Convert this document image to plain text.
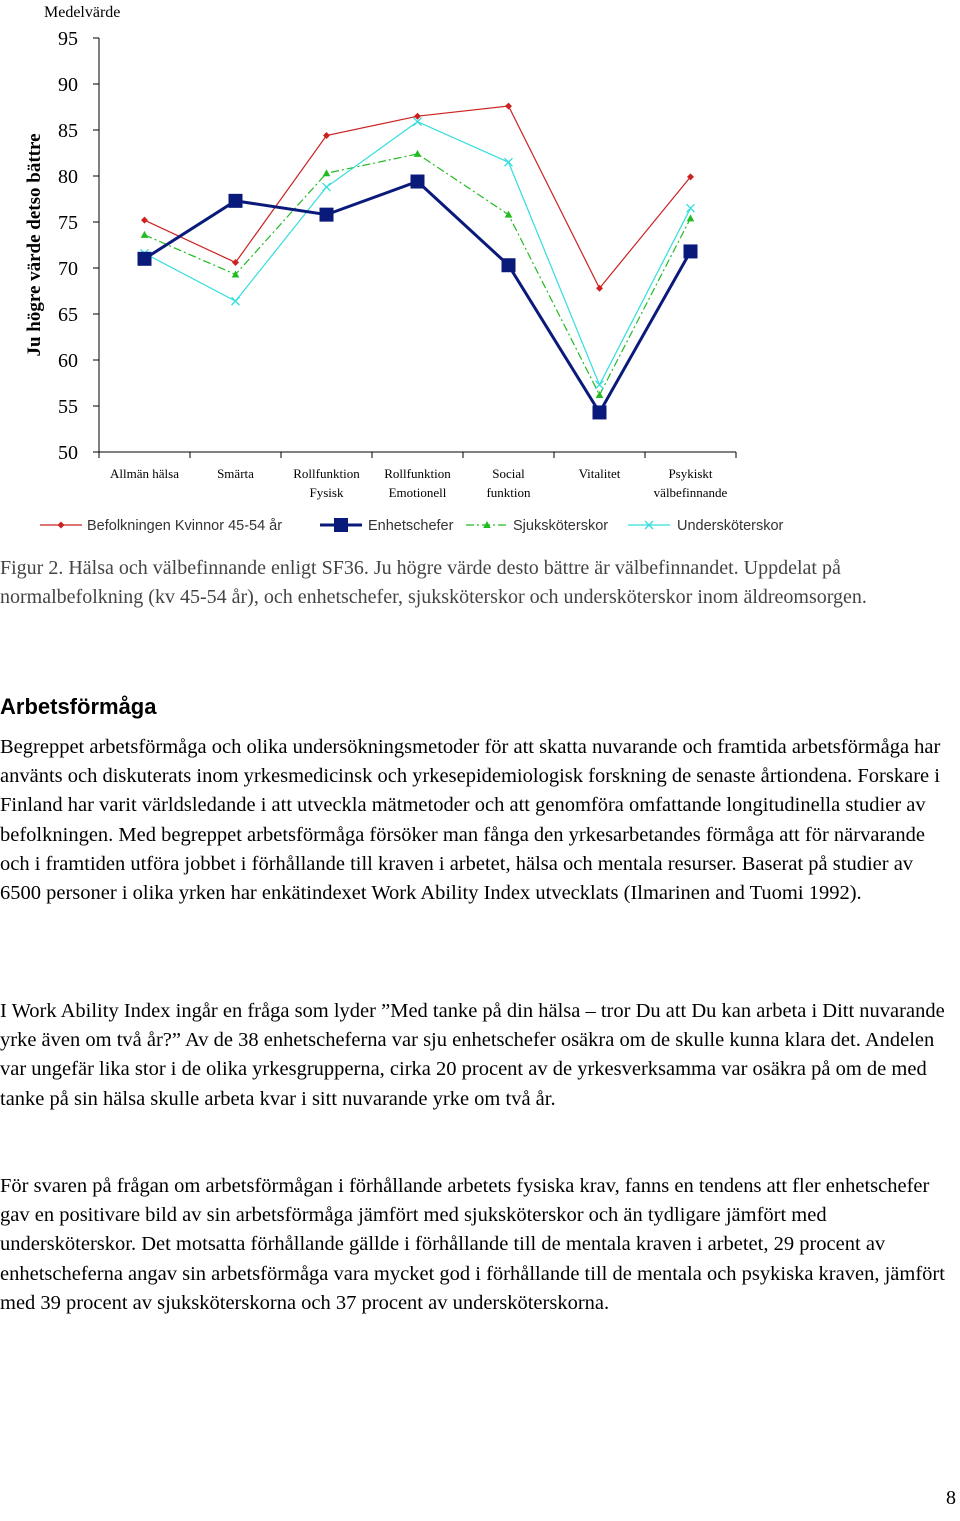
Medelvärde
Ju högre värde detso bättre
95
90
85
80
75
70
65
60
55
50
Allmän hälsa	Smärta	Rollfunktion
Fysisk
Rollfunktion
Emotionell
Social
funktion
Vitalitet	Psykiskt
välbefinnande
Befolkningen Kvinnor 45-54 år	Enhetschefer	Sjuksköterskor	Undersköterskor

Figur 2. Hälsa och välbefinnande enligt SF36. Ju högre värde desto bättre är välbefinnandet. Uppdelat på normalbefolkning (kv 45-54 år), och enhetschefer, sjuksköterskor och undersköterskor inom äldreomsorgen.

Arbetsförmåga

Begreppet arbetsförmåga och olika undersökningsmetoder för att skatta nuvarande och framtida arbetsförmåga har använts och diskuterats inom yrkesmedicinsk och yrkesepidemiologisk forskning de senaste årtiondena. Forskare i Finland har varit världsledande i att utveckla mätmetoder och att genomföra omfattande longitudinella studier av befolkningen. Med begreppet arbetsförmåga försöker man fånga den yrkesarbetandes förmåga att för närvarande och i framtiden utföra jobbet i förhållande till kraven i arbetet, hälsa och mentala resurser. Baserat på studier av 6500 personer i olika yrken har enkätindexet Work Ability Index utvecklats (Ilmarinen and Tuomi 1992).

I Work Ability Index ingår en fråga som lyder ”Med tanke på din hälsa – tror Du att Du kan arbeta i Ditt nuvarande yrke även om två år?” Av de 38 enhetscheferna var sju enhetschefer osäkra om de skulle kunna klara det. Andelen var ungefär lika stor i de olika yrkesgrupperna, cirka 20 procent av de yrkesverksamma var osäkra på om de med tanke på sin hälsa skulle arbeta kvar i sitt nuvarande yrke om två år.

För svaren på frågan om arbetsförmågan i förhållande arbetets fysiska krav, fanns en tendens att fler enhetschefer gav en positivare bild av sin arbetsförmåga jämfört med sjuksköterskor och än tydligare jämfört med undersköterskor. Det motsatta förhållande gällde i förhållande till de mentala kraven i arbetet, 29 procent av enhetscheferna angav sin arbetsförmåga vara mycket god i förhållande till de mentala och psykiska kraven, jämfört med 39 procent av sjuksköterskorna och 37 procent av undersköterskorna.

8
